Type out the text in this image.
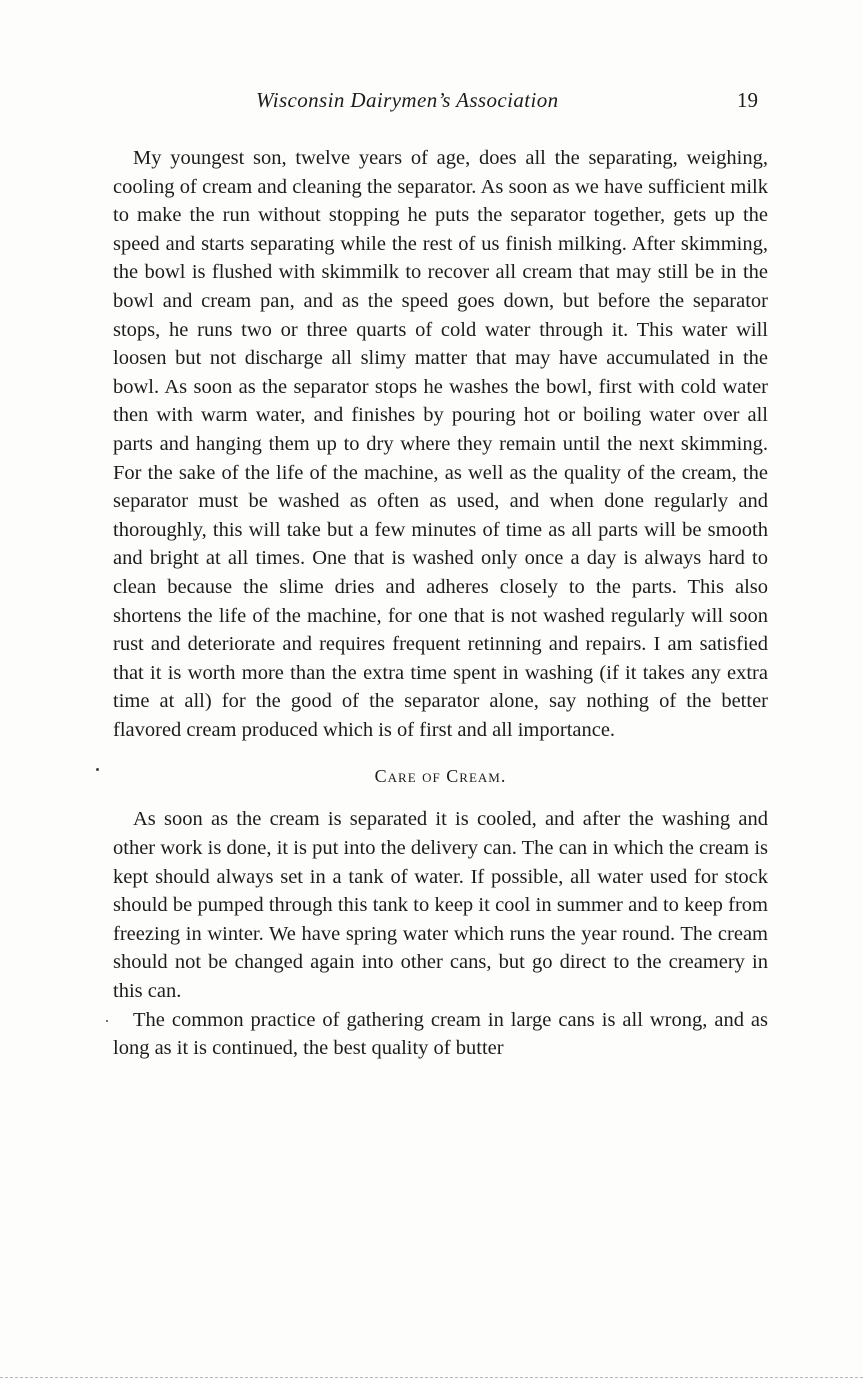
Wisconsin Dairymen’s Association	19

My youngest son, twelve years of age, does all the separating, weighing, cooling of cream and cleaning the separator. As soon as we have sufficient milk to make the run without stopping he puts the separator together, gets up the speed and starts separating while the rest of us finish milking. After skimming, the bowl is flushed with skimmilk to recover all cream that may still be in the bowl and cream pan, and as the speed goes down, but before the separator stops, he runs two or three quarts of cold water through it. This water will loosen but not discharge all slimy matter that may have accumulated in the bowl. As soon as the separator stops he washes the bowl, first with cold water then with warm water, and finishes by pouring hot or boiling water over all parts and hanging them up to dry where they remain until the next skimming. For the sake of the life of the machine, as well as the quality of the cream, the separator must be washed as often as used, and when done regularly and thoroughly, this will take but a few minutes of time as all parts will be smooth and bright at all times. One that is washed only once a day is always hard to clean because the slime dries and adheres closely to the parts. This also shortens the life of the machine, for one that is not washed regularly will soon rust and deteriorate and requires frequent retinning and repairs. I am satisfied that it is worth more than the extra time spent in washing (if it takes any extra time at all) for the good of the separator alone, say nothing of the better flavored cream produced which is of first and all importance.

Care of Cream.

As soon as the cream is separated it is cooled, and after the washing and other work is done, it is put into the delivery can. The can in which the cream is kept should always set in a tank of water. If possible, all water used for stock should be pumped through this tank to keep it cool in summer and to keep from freezing in winter. We have spring water which runs the year round. The cream should not be changed again into other cans, but go direct to the creamery in this can.

The common practice of gathering cream in large cans is all wrong, and as long as it is continued, the best quality of butter
